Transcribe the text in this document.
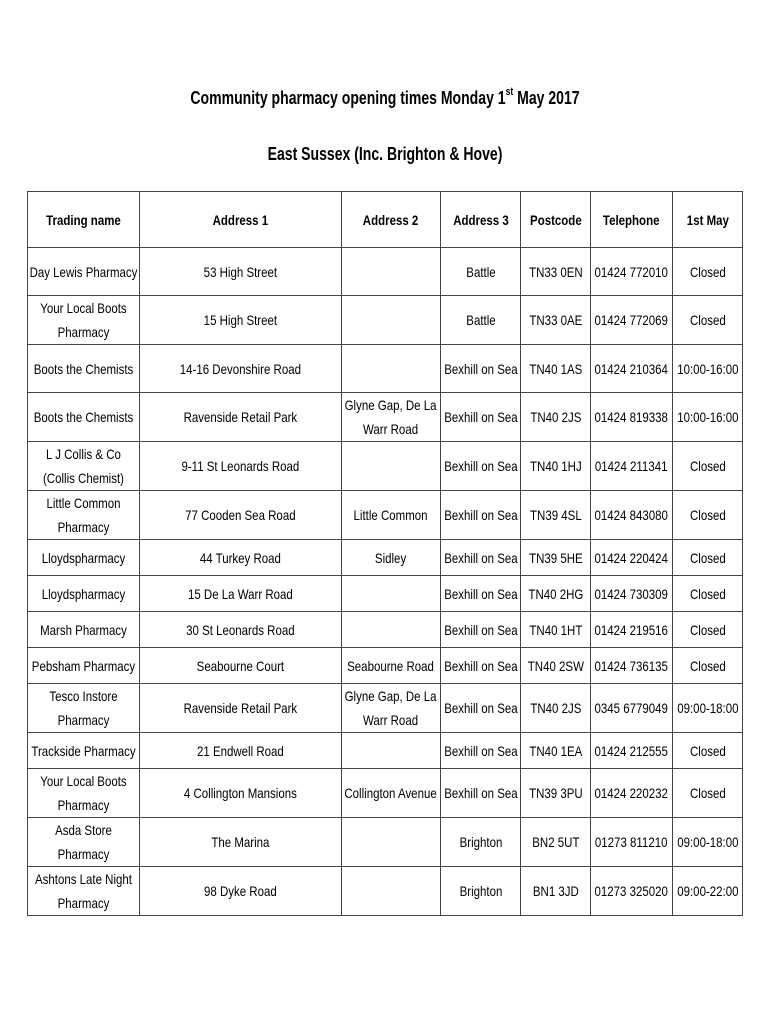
Community pharmacy opening times Monday 1st May 2017
East Sussex (Inc. Brighton & Hove)
Trading name	Address 1	Address 2	Address 3	Postcode	Telephone	1st May
Day Lewis Pharmacy	53 High Street		Battle	TN33 0EN	01424 772010	Closed
Your Local Boots Pharmacy	15 High Street		Battle	TN33 0AE	01424 772069	Closed
Boots the Chemists	14-16 Devonshire Road		Bexhill on Sea	TN40 1AS	01424 210364	10:00-16:00
Boots the Chemists	Ravenside Retail Park	Glyne Gap, De La Warr Road	Bexhill on Sea	TN40 2JS	01424 819338	10:00-16:00
L J Collis & Co (Collis Chemist)	9-11 St Leonards Road		Bexhill on Sea	TN40 1HJ	01424 211341	Closed
Little Common Pharmacy	77 Cooden Sea Road	Little Common	Bexhill on Sea	TN39 4SL	01424 843080	Closed
Lloydspharmacy	44 Turkey Road	Sidley	Bexhill on Sea	TN39 5HE	01424 220424	Closed
Lloydspharmacy	15 De La Warr Road		Bexhill on Sea	TN40 2HG	01424 730309	Closed
Marsh Pharmacy	30 St Leonards Road		Bexhill on Sea	TN40 1HT	01424 219516	Closed
Pebsham Pharmacy	Seabourne Court	Seabourne Road	Bexhill on Sea	TN40 2SW	01424 736135	Closed
Tesco Instore Pharmacy	Ravenside Retail Park	Glyne Gap, De La Warr Road	Bexhill on Sea	TN40 2JS	0345 6779049	09:00-18:00
Trackside Pharmacy	21 Endwell Road		Bexhill on Sea	TN40 1EA	01424 212555	Closed
Your Local Boots Pharmacy	4 Collington Mansions	Collington Avenue	Bexhill on Sea	TN39 3PU	01424 220232	Closed
Asda Store Pharmacy	The Marina		Brighton	BN2 5UT	01273 811210	09:00-18:00
Ashtons Late Night Pharmacy	98 Dyke Road		Brighton	BN1 3JD	01273 325020	09:00-22:00
